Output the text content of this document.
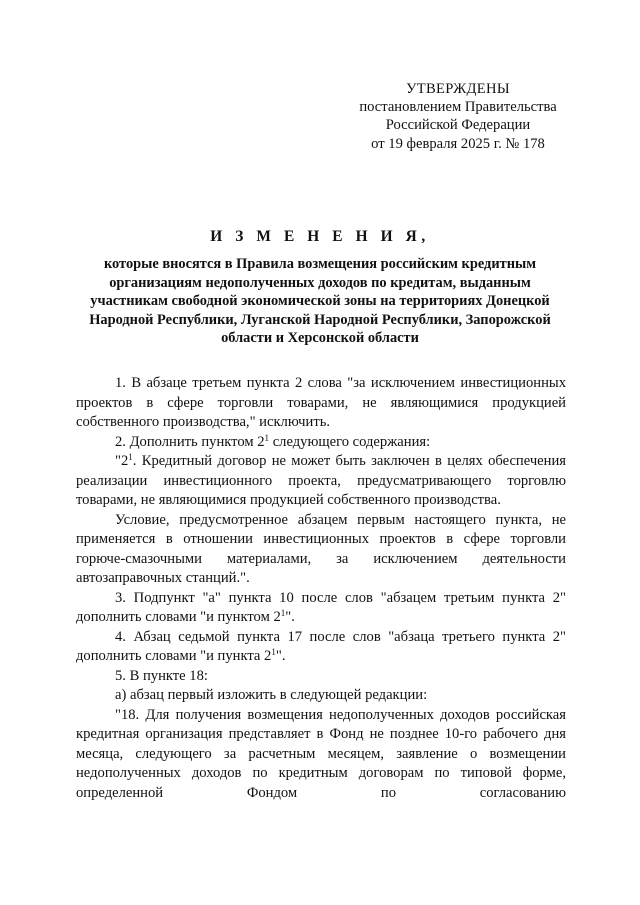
УТВЕРЖДЕНЫ
постановлением Правительства
Российской Федерации
от 19 февраля 2025 г. № 178
И З М Е Н Е Н И Я,
которые вносятся в Правила возмещения российским кредитным организациям недополученных доходов по кредитам, выданным участникам свободной экономической зоны на территориях Донецкой Народной Республики, Луганской Народной Республики, Запорожской области и Херсонской области

1. В абзаце третьем пункта 2 слова "за исключением инвестиционных проектов в сфере торговли товарами, не являющимися продукцией собственного производства," исключить.

2. Дополнить пунктом $2^1$ следующего содержания:

"$2^1$. Кредитный договор не может быть заключен в целях обеспечения реализации инвестиционного проекта, предусматривающего торговлю товарами, не являющимися продукцией собственного производства.

Условие, предусмотренное абзацем первым настоящего пункта, не применяется в отношении инвестиционных проектов в сфере торговли горюче-смазочными материалами, за исключением деятельности автозаправочных станций.".

3. Подпункт "а" пункта 10 после слов "абзацем третьим пункта 2" дополнить словами "и пунктом $2^1$".

4. Абзац седьмой пункта 17 после слов "абзаца третьего пункта 2" дополнить словами "и пункта $2^1$".

5. В пункте 18:

а) абзац первый изложить в следующей редакции:

"18. Для получения возмещения недополученных доходов российская кредитная организация представляет в Фонд не позднее 10-го рабочего дня месяца, следующего за расчетным месяцем, заявление о возмещении недополученных доходов по кредитным договорам по типовой форме, определенной Фондом по согласованию
